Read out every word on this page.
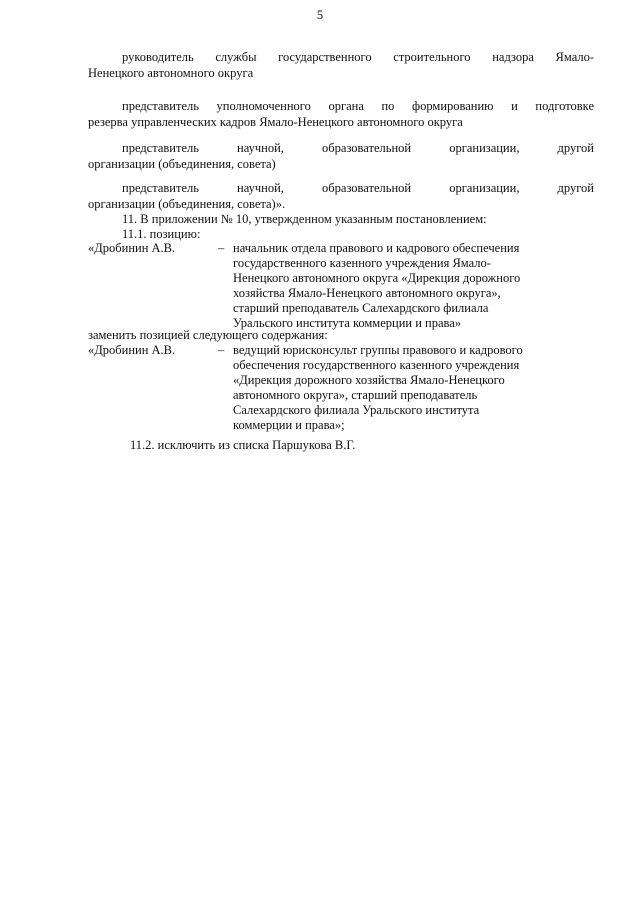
5
руководитель службы государственного строительного надзора Ямало-
Ненецкого автономного округа
представитель уполномоченного органа по формированию и подготовке
резерва управленческих кадров Ямало-Ненецкого автономного округа
представитель научной, образовательной организации, другой
организации (объединения, совета)
представитель научной, образовательной организации, другой
организации (объединения, совета)».
11. В приложении № 10, утвержденном указанным постановлением:
11.1. позицию:
«Дробинин А.В.	– начальник отдела правового и кадрового обеспечения
государственного казенного учреждения Ямало-
Ненецкого автономного округа «Дирекция дорожного
хозяйства Ямало-Ненецкого автономного округа»,
старший преподаватель Салехардского филиала
Уральского института коммерции и права»
заменить позицией следующего содержания:
«Дробинин А.В.	– ведущий юрисконсульт группы правового и кадрового
обеспечения государственного казенного учреждения
«Дирекция дорожного хозяйства Ямало-Ненецкого
автономного округа», старший преподаватель
Салехардского филиала Уральского института
коммерции и права»;
11.2. исключить из списка Паршукова В.Г.
